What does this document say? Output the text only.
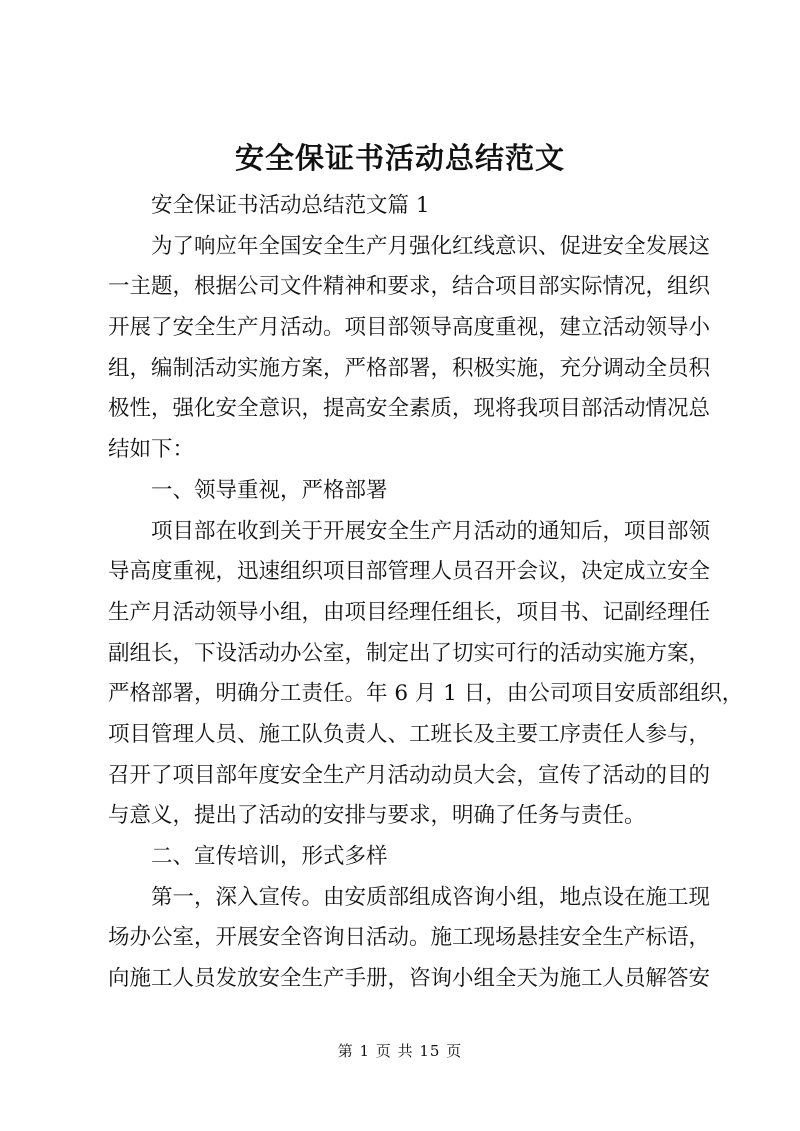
安全保证书活动总结范文
安全保证书活动总结范文篇 1
为了响应年全国安全生产月强化红线意识、促进安全发展这
一主题，根据公司文件精神和要求，结合项目部实际情况，组织
开展了安全生产月活动。项目部领导高度重视，建立活动领导小
组，编制活动实施方案，严格部署，积极实施，充分调动全员积
极性，强化安全意识，提高安全素质，现将我项目部活动情况总
结如下：
一、领导重视，严格部署
项目部在收到关于开展安全生产月活动的通知后，项目部领
导高度重视，迅速组织项目部管理人员召开会议，决定成立安全
生产月活动领导小组，由项目经理任组长，项目书、记副经理任
副组长，下设活动办公室，制定出了切实可行的活动实施方案，
严格部署，明确分工责任。年 6 月 1 日，由公司项目安质部组织，
项目管理人员、施工队负责人、工班长及主要工序责任人参与，
召开了项目部年度安全生产月活动动员大会，宣传了活动的目的
与意义，提出了活动的安排与要求，明确了任务与责任。
二、宣传培训，形式多样
第一，深入宣传。由安质部组成咨询小组，地点设在施工现
场办公室，开展安全咨询日活动。施工现场悬挂安全生产标语，
向施工人员发放安全生产手册，咨询小组全天为施工人员解答安
第 1 页 共 15 页
